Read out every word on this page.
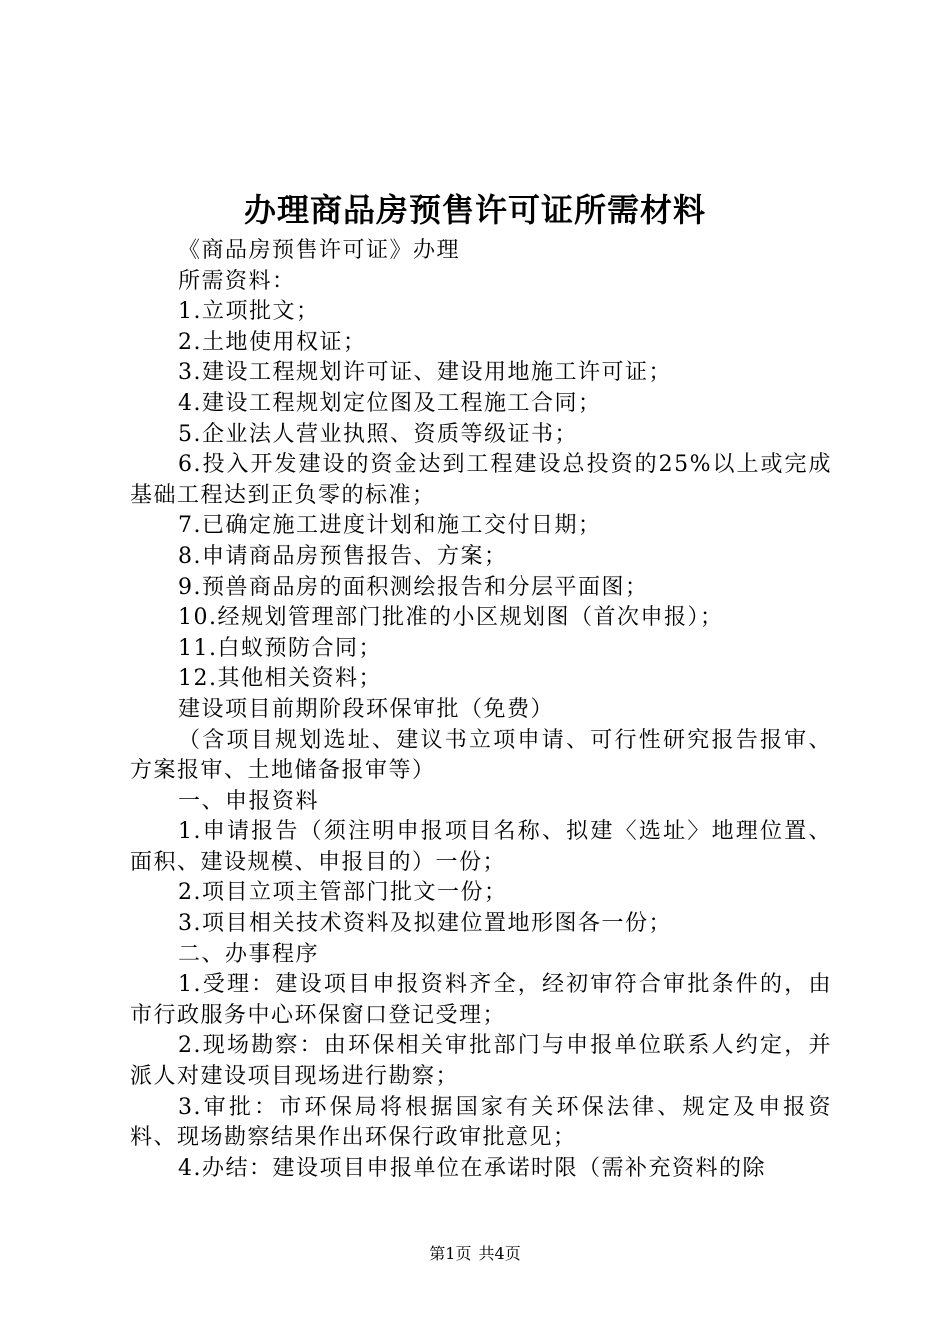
办理商品房预售许可证所需材料

《商品房预售许可证》办理

所需资料：

1.立项批文；

2.土地使用权证；

3.建设工程规划许可证、建设用地施工许可证；

4.建设工程规划定位图及工程施工合同；

5.企业法人营业执照、资质等级证书；

6.投入开发建设的资金达到工程建设总投资的25%以上或完成基础工程达到正负零的标准；

7.已确定施工进度计划和施工交付日期；

8.申请商品房预售报告、方案；

9.预兽商品房的面积测绘报告和分层平面图；

10.经规划管理部门批准的小区规划图（首次申报）；

11.白蚁预防合同；

12.其他相关资料；

建设项目前期阶段环保审批（免费）

（含项目规划选址、建议书立项申请、可行性研究报告报审、方案报审、土地储备报审等）

一、申报资料

1.申请报告（须注明申报项目名称、拟建〈选址〉地理位置、面积、建设规模、申报目的）一份；

2.项目立项主管部门批文一份；

3.项目相关技术资料及拟建位置地形图各一份；

二、办事程序

1.受理：建设项目申报资料齐全，经初审符合审批条件的，由市行政服务中心环保窗口登记受理；

2.现场勘察：由环保相关审批部门与申报单位联系人约定，并派人对建设项目现场进行勘察；

3.审批：市环保局将根据国家有关环保法律、规定及申报资料、现场勘察结果作出环保行政审批意见；

4.办结：建设项目申报单位在承诺时限（需补充资料的除

第1页 共4页
